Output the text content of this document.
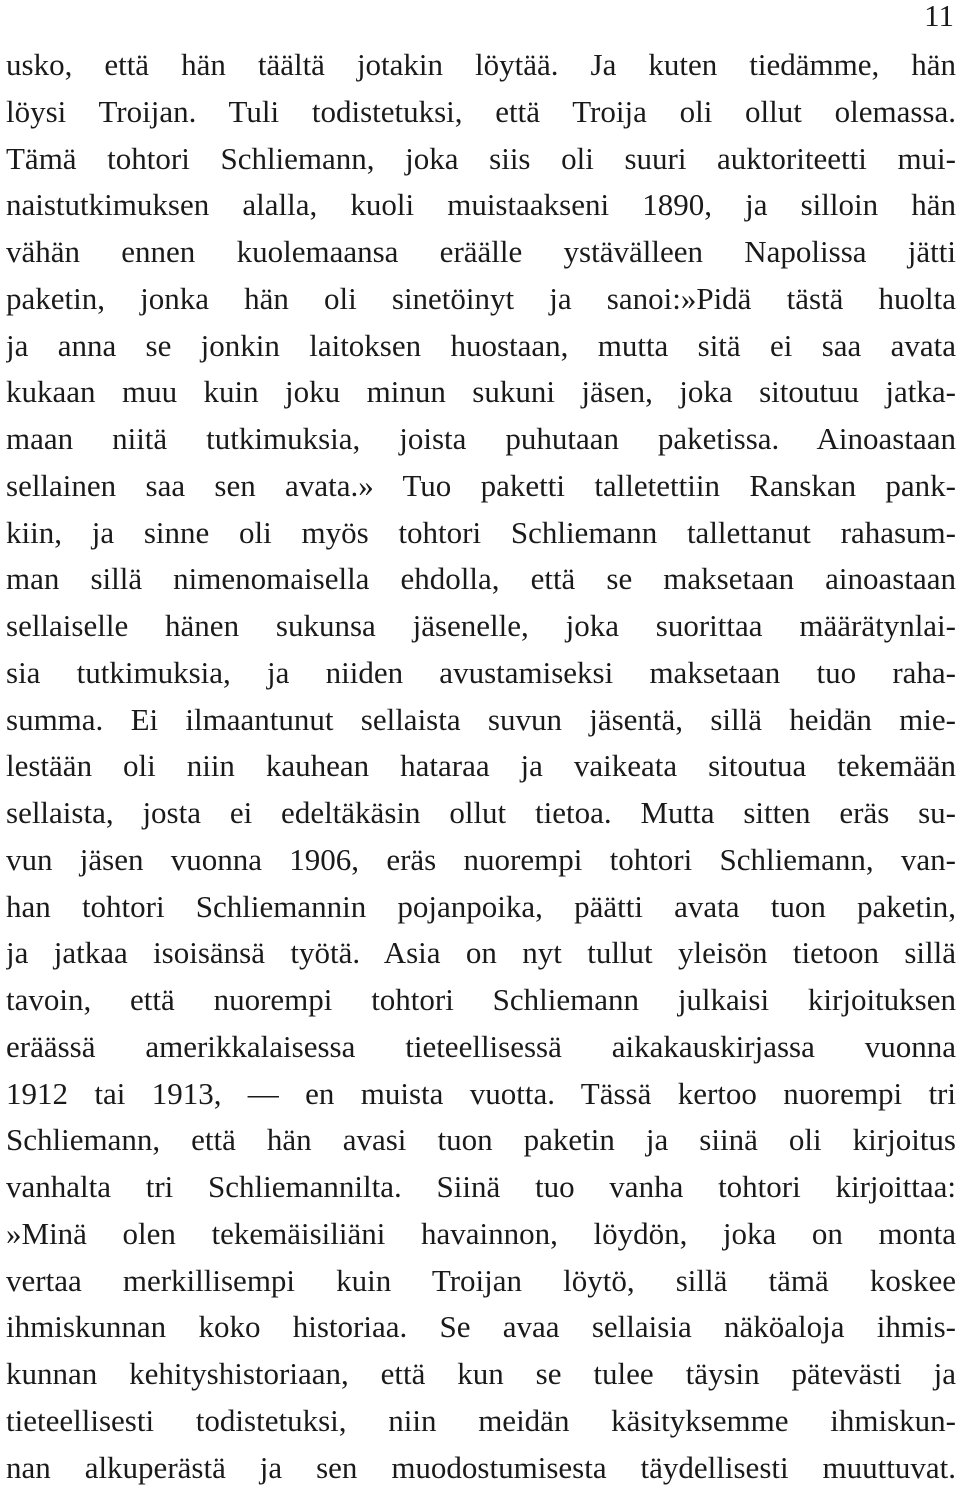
11
usko, että hän täältä jotakin löytää. Ja kuten tiedämme, hän
löysi Troijan. Tuli todistetuksi, että Troija oli ollut olemassa.
Tämä tohtori Schliemann, joka siis oli suuri auktoriteetti mui-
naistutkimuksen alalla, kuoli muistaakseni 1890, ja silloin hän
vähän ennen kuolemaansa eräälle ystävälleen Napolissa jätti
paketin, jonka hän oli sinetöinyt ja sanoi:»Pidä tästä huolta
ja anna se jonkin laitoksen huostaan, mutta sitä ei saa avata
kukaan muu kuin joku minun sukuni jäsen, joka sitoutuu jatka-
maan niitä tutkimuksia, joista puhutaan paketissa. Ainoastaan
sellainen saa sen avata.» Tuo paketti talletettiin Ranskan pank-
kiin, ja sinne oli myös tohtori Schliemann tallettanut rahasum-
man sillä nimenomaisella ehdolla, että se maksetaan ainoastaan
sellaiselle hänen sukunsa jäsenelle, joka suorittaa määrätynlai-
sia tutkimuksia, ja niiden avustamiseksi maksetaan tuo raha-
summa. Ei ilmaantunut sellaista suvun jäsentä, sillä heidän mie-
lestään oli niin kauhean hataraa ja vaikeata sitoutua tekemään
sellaista, josta ei edeltäkäsin ollut tietoa. Mutta sitten eräs su-
vun jäsen vuonna 1906, eräs nuorempi tohtori Schliemann, van-
han tohtori Schliemannin pojanpoika, päätti avata tuon paketin,
ja jatkaa isoisänsä työtä. Asia on nyt tullut yleisön tietoon sillä
tavoin, että nuorempi tohtori Schliemann julkaisi kirjoituksen
eräässä amerikkalaisessa tieteellisessä aikakauskirjassa vuonna
1912 tai 1913, — en muista vuotta. Tässä kertoo nuorempi tri
Schliemann, että hän avasi tuon paketin ja siinä oli kirjoitus
vanhalta tri Schliemannilta. Siinä tuo vanha tohtori kirjoittaa:
»Minä olen tekemäisiliäni havainnon, löydön, joka on monta
vertaa merkillisempi kuin Troijan löytö, sillä tämä koskee
ihmiskunnan koko historiaa. Se avaa sellaisia näköaloja ihmis-
kunnan kehityshistoriaan, että kun se tulee täysin pätevästi ja
tieteellisesti todistetuksi, niin meidän käsityksemme ihmiskun-
nan alkuperästä ja sen muodostumisesta täydellisesti muuttuvat.
